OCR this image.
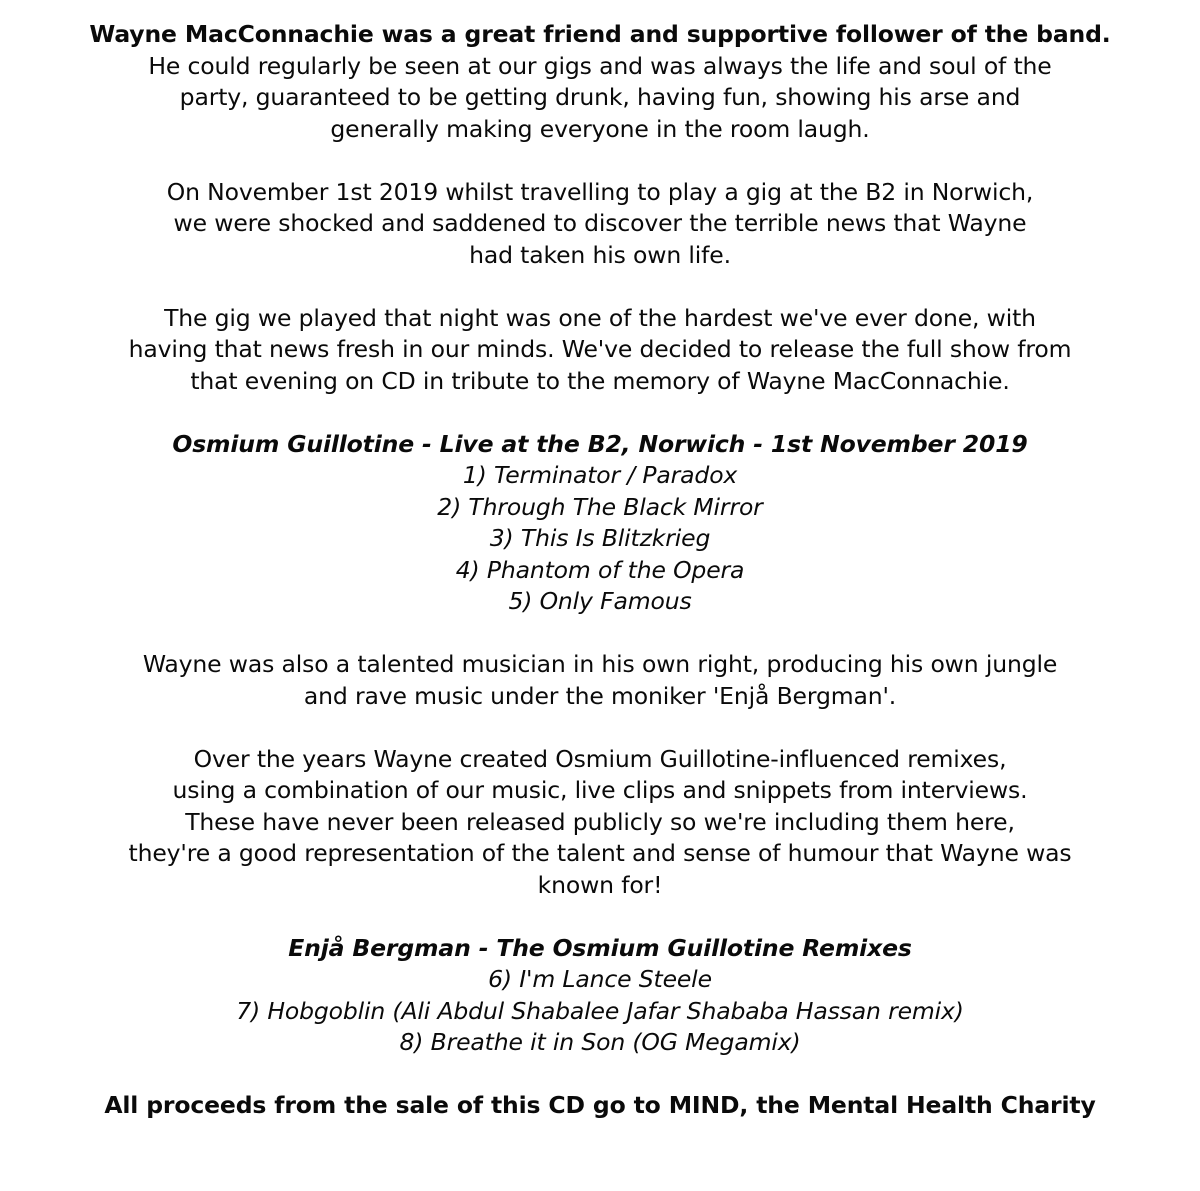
Wayne MacConnachie was a great friend and supportive follower of the band.
He could regularly be seen at our gigs and was always the life and soul of the
party, guaranteed to be getting drunk, having fun, showing his arse and
generally making everyone in the room laugh.

On November 1st 2019 whilst travelling to play a gig at the B2 in Norwich,
we were shocked and saddened to discover the terrible news that Wayne
had taken his own life.

The gig we played that night was one of the hardest we've ever done, with
having that news fresh in our minds. We've decided to release the full show from
that evening on CD in tribute to the memory of Wayne MacConnachie.

Osmium Guillotine - Live at the B2, Norwich - 1st November 2019
1) Terminator / Paradox
2) Through The Black Mirror
3) This Is Blitzkrieg
4) Phantom of the Opera
5) Only Famous

Wayne was also a talented musician in his own right, producing his own jungle
and rave music under the moniker 'Enjå Bergman'.

Over the years Wayne created Osmium Guillotine-influenced remixes,
using a combination of our music, live clips and snippets from interviews.
These have never been released publicly so we're including them here,
they're a good representation of the talent and sense of humour that Wayne was
known for!

Enjå Bergman - The Osmium Guillotine Remixes
6) I'm Lance Steele
7) Hobgoblin (Ali Abdul Shabalee Jafar Shababa Hassan remix)
8) Breathe it in Son (OG Megamix)

All proceeds from the sale of this CD go to MIND, the Mental Health Charity
